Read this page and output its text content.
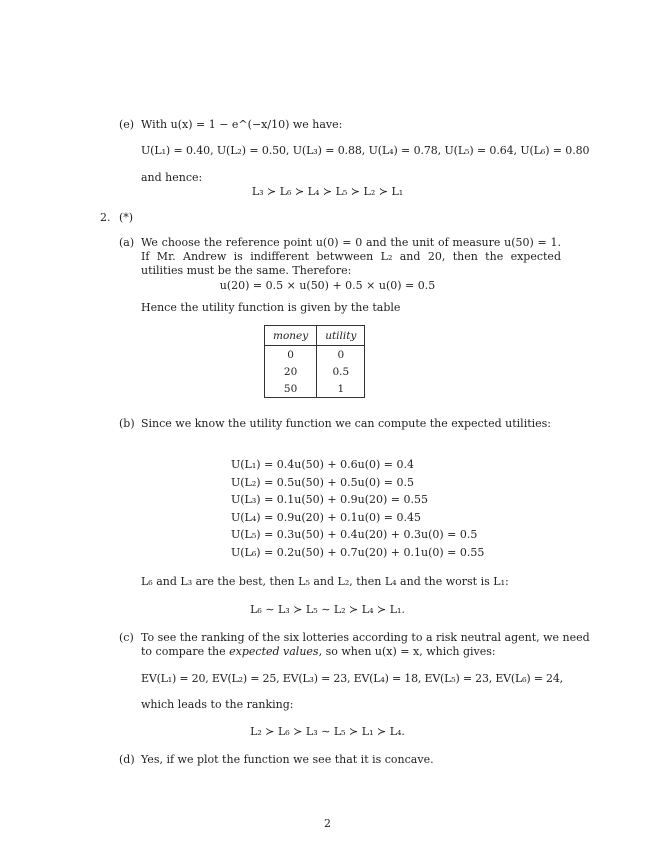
(e) With u(x) = 1 − e^(−x/10) we have:
U(L₁) = 0.40, U(L₂) = 0.50, U(L₃) = 0.88, U(L₄) = 0.78, U(L₅) = 0.64, U(L₆) = 0.80
and hence:
L₃ ≻ L₆ ≻ L₄ ≻ L₅ ≻ L₂ ≻ L₁
2. (*)
(a) We choose the reference point u(0) = 0 and the unit of measure u(50) = 1. If Mr. Andrew is indifferent betwween L₂ and 20, then the expected utilities must be the same. Therefore:
u(20) = 0.5 × u(50) + 0.5 × u(0) = 0.5
Hence the utility function is given by the table
money	utility
0	0
20	0.5
50	1
(b) Since we know the utility function we can compute the expected utilities:
U(L₁) = 0.4u(50) + 0.6u(0) = 0.4
U(L₂) = 0.5u(50) + 0.5u(0) = 0.5
U(L₃) = 0.1u(50) + 0.9u(20) = 0.55
U(L₄) = 0.9u(20) + 0.1u(0) = 0.45
U(L₅) = 0.3u(50) + 0.4u(20) + 0.3u(0) = 0.5
U(L₆) = 0.2u(50) + 0.7u(20) + 0.1u(0) = 0.55
L₆ and L₃ are the best, then L₅ and L₂, then L₄ and the worst is L₁:
L₆ ∼ L₃ ≻ L₅ ∼ L₂ ≻ L₄ ≻ L₁.
(c) To see the ranking of the six lotteries according to a risk neutral agent, we need
to compare the expected values, so when u(x) = x, which gives:
EV(L₁) = 20, EV(L₂) = 25, EV(L₃) = 23, EV(L₄) = 18, EV(L₅) = 23, EV(L₆) = 24,
which leads to the ranking:
L₂ ≻ L₆ ≻ L₃ ∼ L₅ ≻ L₁ ≻ L₄.
(d) Yes, if we plot the function we see that it is concave.
2
